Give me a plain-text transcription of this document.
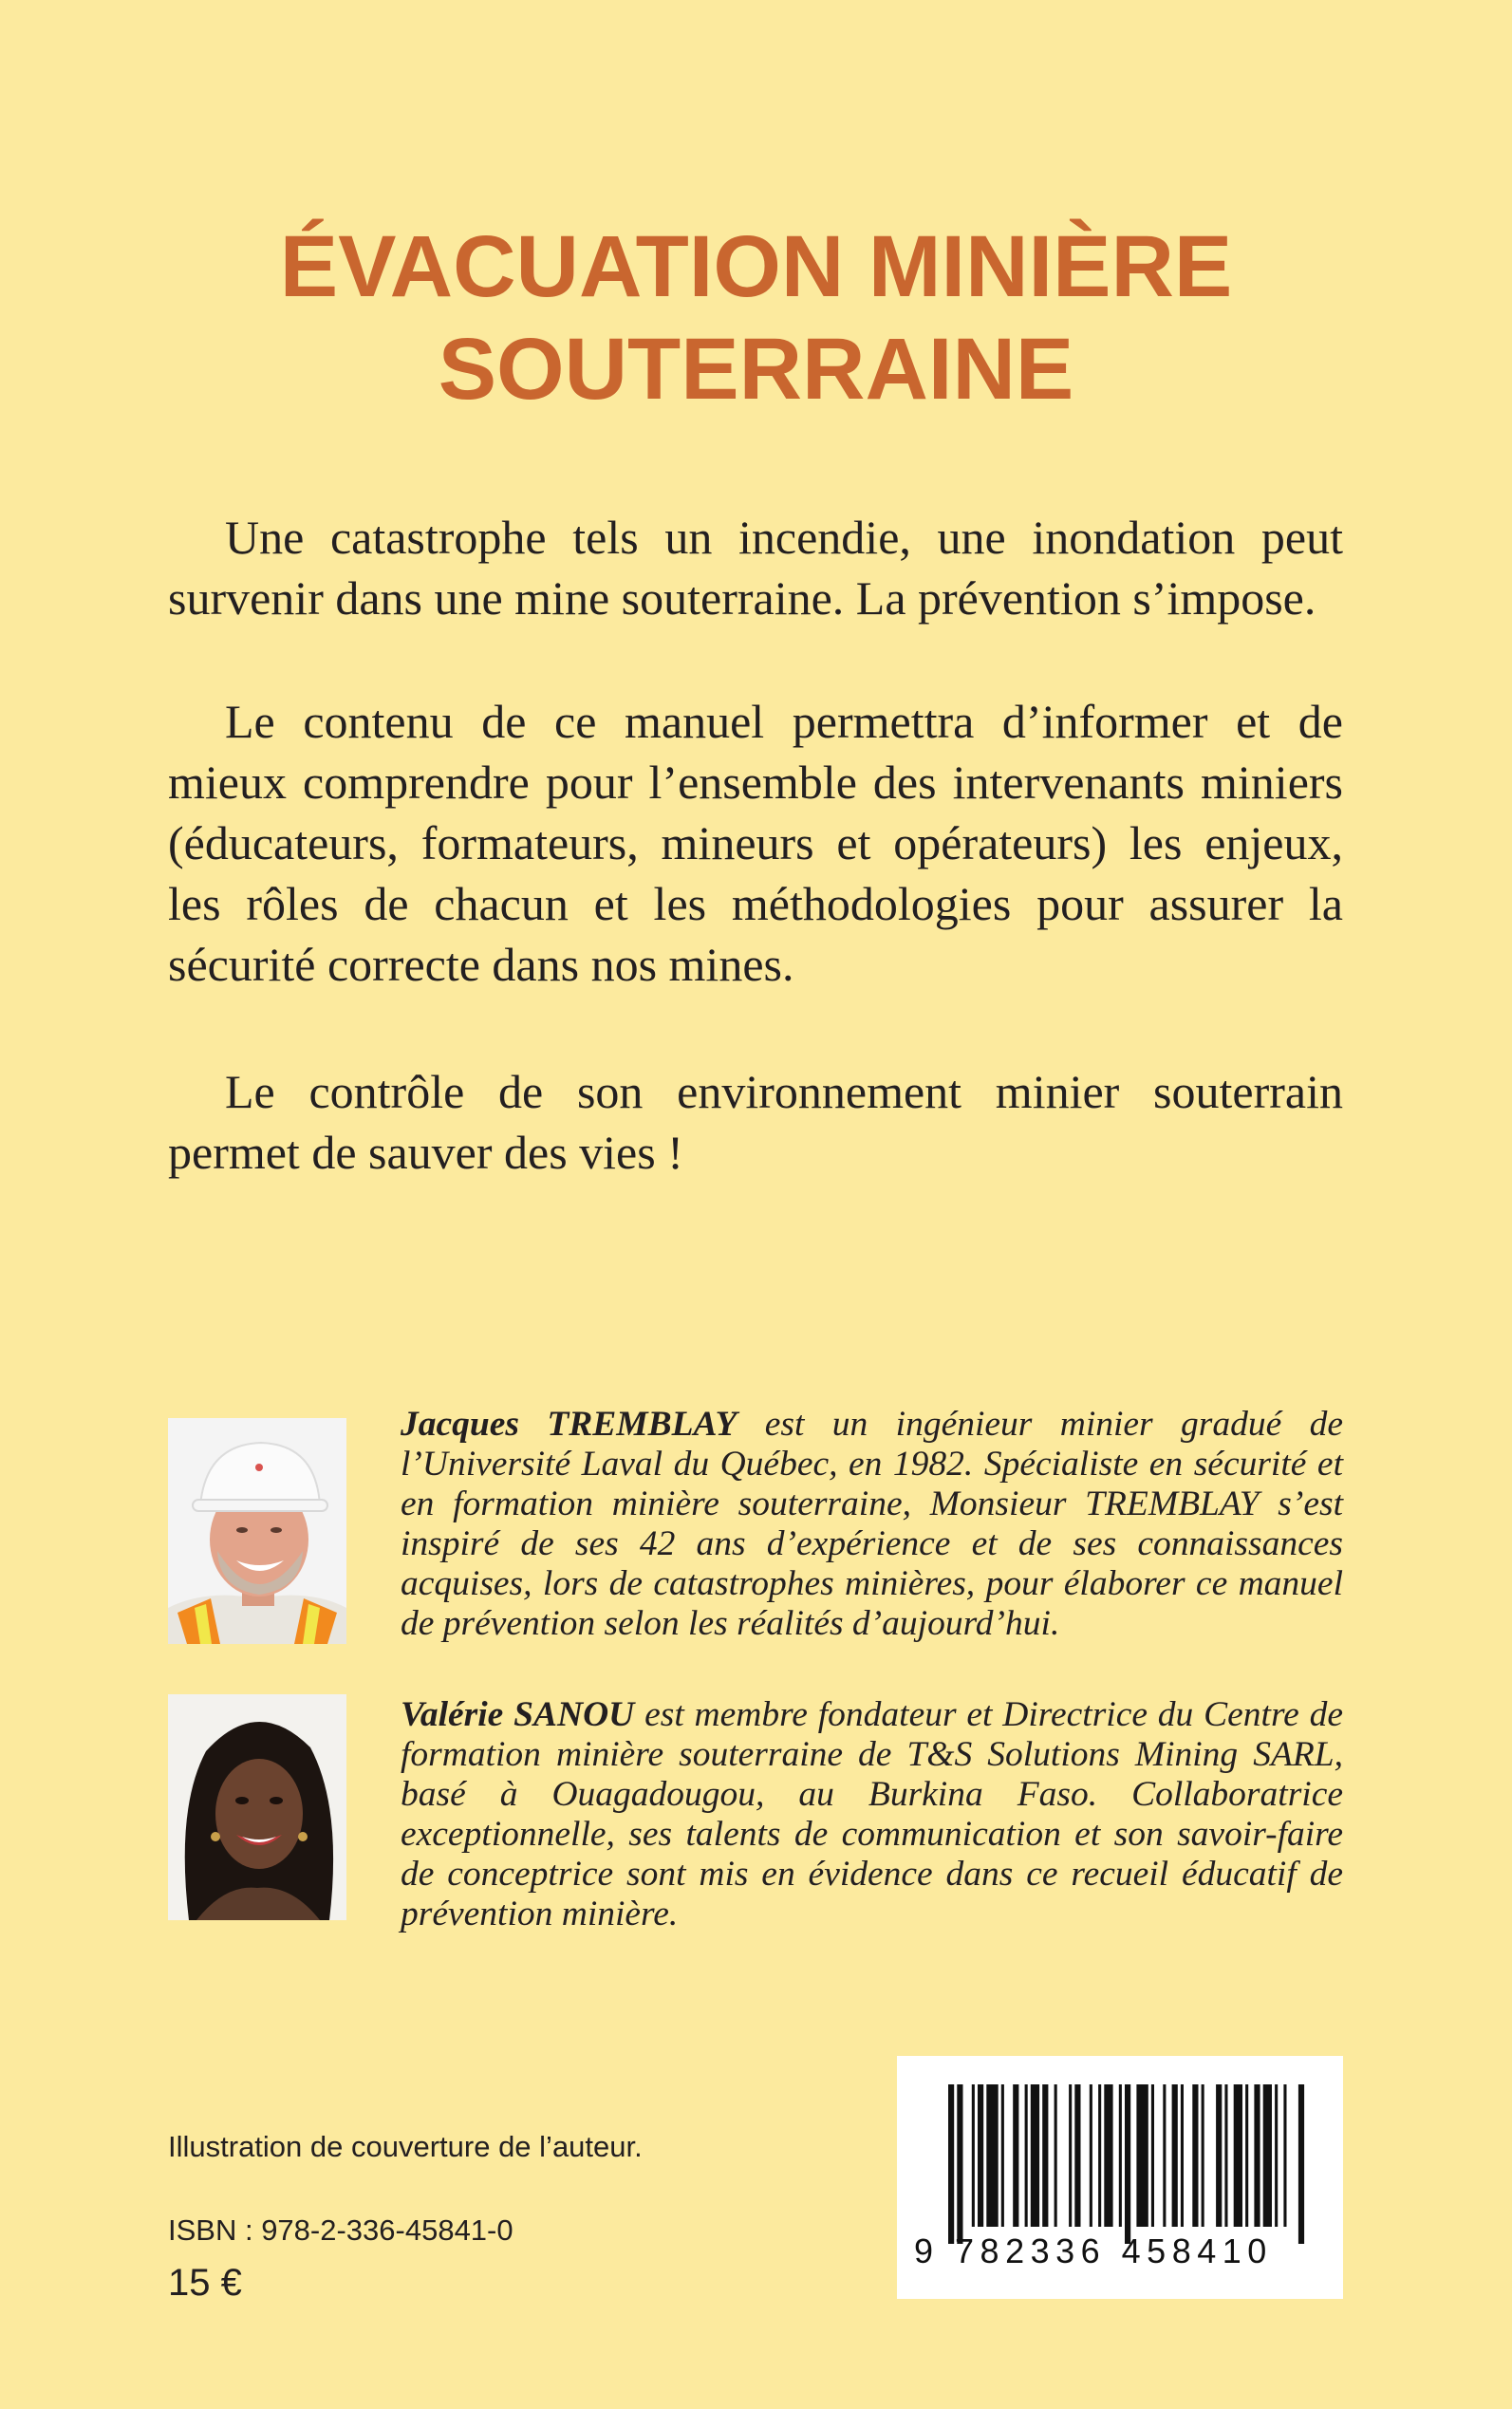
ÉVACUATION MINIÈRE
SOUTERRAINE

Une catastrophe tels un incendie, une inondation peut survenir dans une mine souterraine. La prévention s’impose.

Le contenu de ce manuel permettra d’informer et de mieux comprendre pour l’ensemble des intervenants miniers (éducateurs, formateurs, mineurs et opérateurs) les enjeux, les rôles de chacun et les méthodologies pour assurer la sécurité correcte dans nos mines.

Le contrôle de son environnement minier souterrain permet de sauver des vies !

Jacques TREMBLAY est un ingénieur minier gradué de l’Université Laval du Québec, en 1982. Spécialiste en sécurité et en formation minière souterraine, Monsieur TREMBLAY s’est inspiré de ses 42 ans d’expérience et de ses connaissances acquises, lors de catastrophes minières, pour élaborer ce manuel de prévention selon les réalités d’aujourd’hui.

Valérie SANOU est membre fondateur et Directrice du Centre de formation minière souterraine de T&S Solutions Mining SARL, basé à Ouagadougou, au Burkina Faso. Collaboratrice exceptionnelle, ses talents de communication et son savoir-faire de conceptrice sont mis en évidence dans ce recueil éducatif de prévention minière.

Illustration de couverture de l’auteur.
ISBN : 978-2-336-45841-0
15 €
9 782336 458410
